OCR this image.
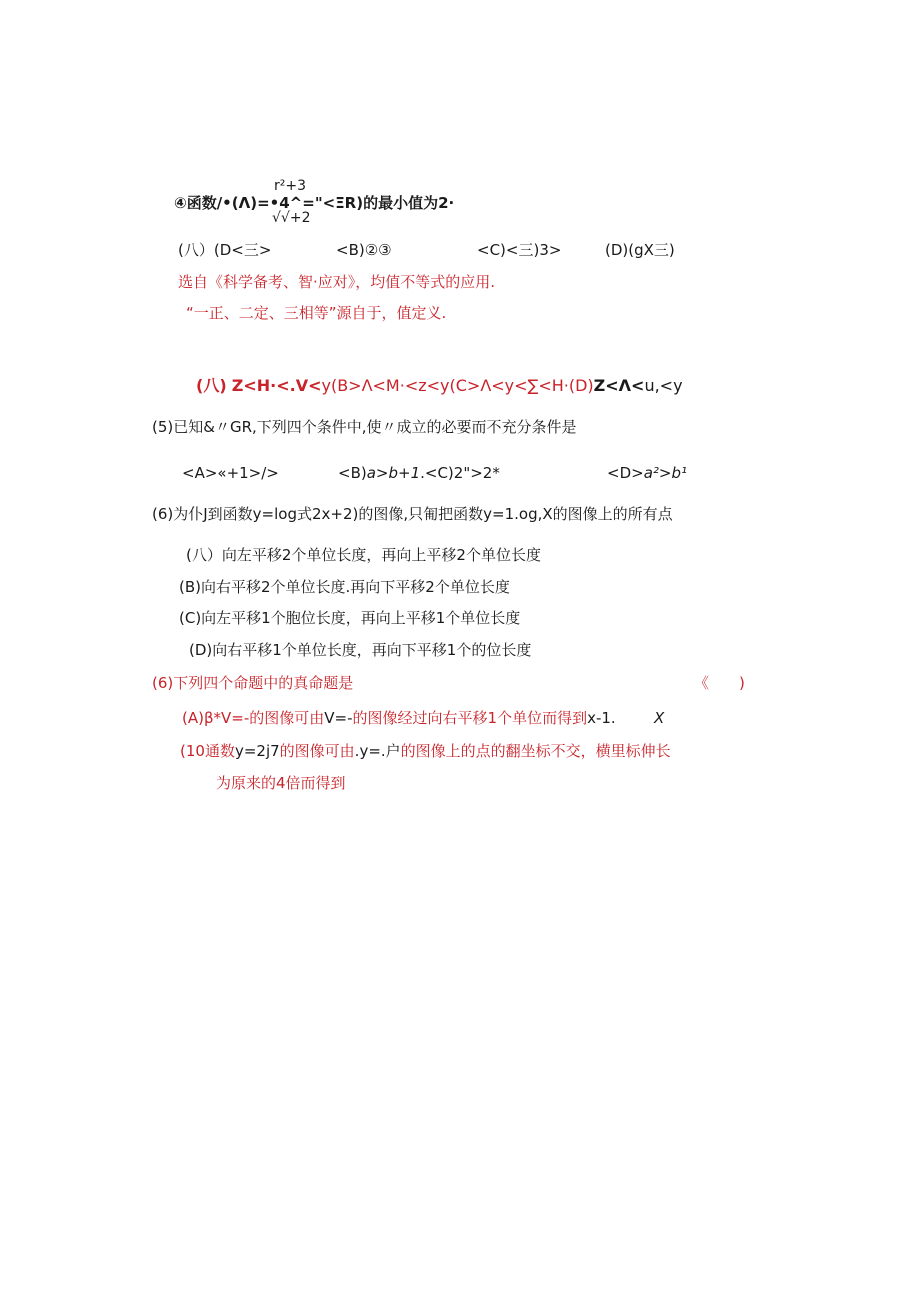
r²+3
④函数/•(Λ)=•4^="<ΞR)的最小值为2·
√√+2
(八）(D<三>	<B)②③	<C)<三)3>	(D)(gX三)
选自《科学备考、智·应对》，均值不等式的应用.
“一正、二定、三相等”源自于，值定义.
(八) Z<H·<.V<y(B>Λ<M·<z<y(C>Λ<y<∑<H·(D)Z<Λ<u,<y
(5)已知&〃GR,下列四个条件中,使〃成立的必要而不充分条件是
<A>«+1>/>	<B)a>b+1.<C)2">2*	<D>a²>b¹
(6)为仆J到函数y=log式2x+2)的图像,只匍把函数y=1.og,X的图像上的所有点
(八）向左平移2个单位长度，再向上平移2个单位长度
(B)向右平移2个单位长度.再向下平移2个单位长度
(C)向左平移1个胞位长度，再向上平移1个单位长度
(D)向右平移1个单位长度，再向下平移1个的位长度
(6)下列四个命题中的真命题是	《　　)
(A)β*V=-的图像可由V=-的图像经过向右平移1个单位而得到x-1.	X
(10通数y=2j7的图像可由.y=.户的图像上的点的翻坐标不交，横里标伸长
为原来的4倍而得到
